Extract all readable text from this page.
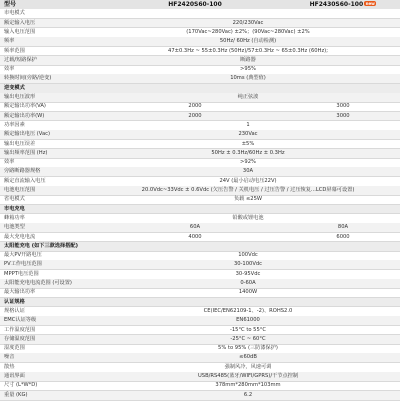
型号	HF2420S60-100	HF2430S60-100 new
市电模式
额定输入电压	220/230Vac
输入电压范围	(170Vac~280Vac) ±2%；(90Vac~280Vac) ±2%
频率	50Hz/ 60Hz (自动检测)
频率范围	47±0.3Hz ~ 55±0.3Hz (50Hz)/57±0.3Hz ~ 65±0.3Hz (60Hz);
过载/短路保护	断路器
效率	>95%
转换时间(旁路/逆变)	10ms (典型值)
逆变模式
输出电压波形	纯正弦波
额定输出功率(VA)	2000	3000
额定输出功率(W)	2000	3000
功率因素	1
额定输出电压 (Vac)	230Vac
输出电压误差	±5%
输出频率范围 (Hz)	50Hz ± 0.3Hz/60Hz ± 0.3Hz
效率	>92%
旁路断路器规格	30A
额定直流输入电压	24V (最小启动电压22V)
电池电压范围	20.0Vdc~33Vdc ± 0.6Vdc (欠压告警 / 关机电压 / 过压告警 / 过压恢复...LCD屏幕可设置)
省电模式	负载 ≤25W
市电充电
蜂箱功率	铅酸或锂电池
电池类型	60A	80A
最大充电电流	4000	6000
太阳能充电 (如下三款选择搭配)
最大PV开路电压	100Vdc
PV工作电压范围	30-100Vdc
MPPT电压范围	30-95Vdc
太阳能充电电流范围 (可设置)	0-60A
最大输出功率	1400W
认证规格
规格认证	CE(IEC/EN62109-1、-2)、ROHS2.0
EMC认证等级	EN61000
工作温度范围	-15°C to 55°C
存储温度范围	-25°C ~ 60°C
湿度范围	5% to 95% (三防漆保护)
噪音	≤60dB
散热	强制风冷，风速可调
通讯界面	USB/RS485(蓝牙/WIFI/GPRS)/干节点控制
尺寸 (L*W*D)	378mm*280mm*103mm
重量 (KG)	6.2
